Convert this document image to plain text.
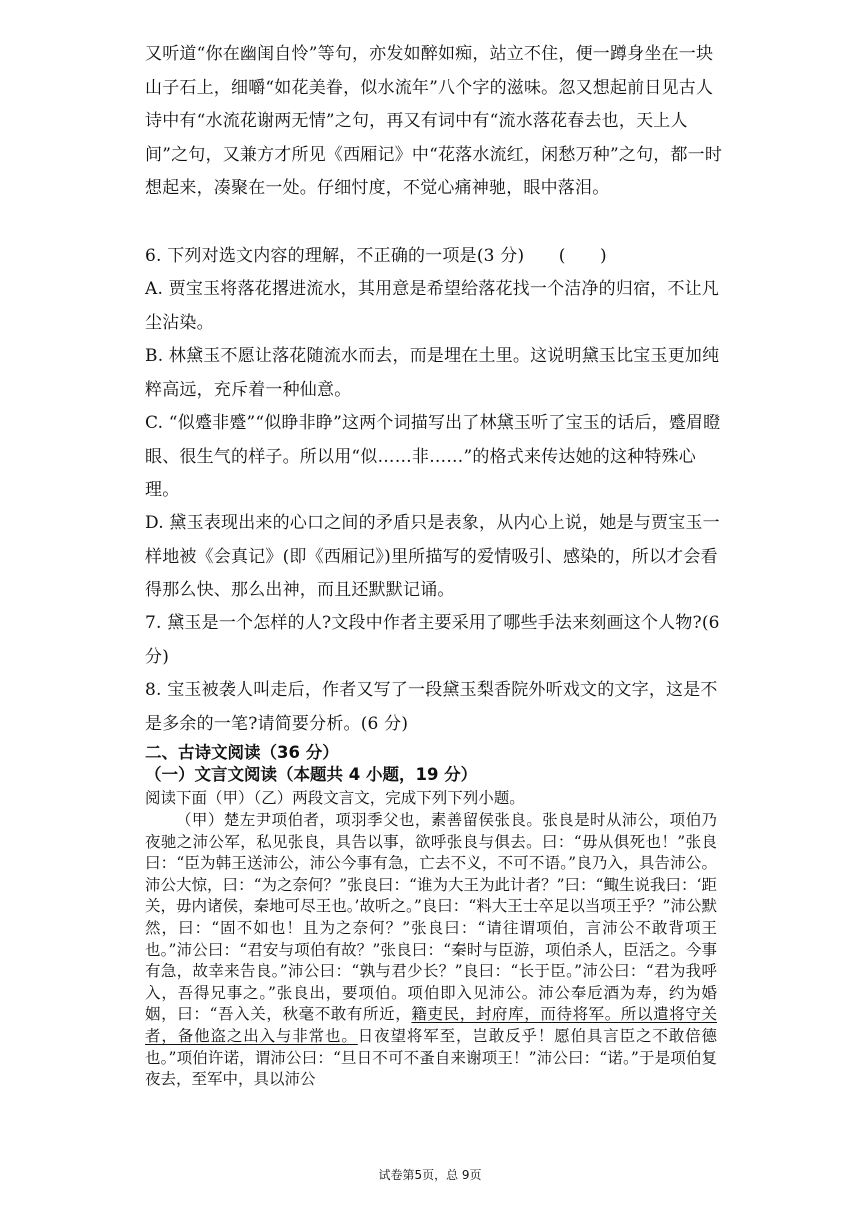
又听道“你在幽闺自怜”等句，亦发如醉如痴，站立不住，便一蹲身坐在一块山子石上，细嚼“如花美眷，似水流年”八个字的滋味。忽又想起前日见古人诗中有“水流花谢两无情”之句，再又有词中有“流水落花春去也，天上人间”之句，又兼方才所见《西厢记》中“花落水流红，闲愁万种”之句，都一时想起来，凑聚在一处。仔细忖度，不觉心痛神驰，眼中落泪。

6. 下列对选文内容的理解，不正确的一项是(3 分)　　(　　)

A. 贾宝玉将落花撂进流水，其用意是希望给落花找一个洁净的归宿，不让凡尘沾染。

B. 林黛玉不愿让落花随流水而去，而是埋在土里。这说明黛玉比宝玉更加纯粹高远，充斥着一种仙意。

C. “似蹙非蹙”“似睁非睁”这两个词描写出了林黛玉听了宝玉的话后，蹙眉瞪眼、很生气的样子。所以用“似……非……”的格式来传达她的这种特殊心理。

D. 黛玉表现出来的心口之间的矛盾只是表象，从内心上说，她是与贾宝玉一样地被《会真记》(即《西厢记》)里所描写的爱情吸引、感染的，所以才会看得那么快、那么出神，而且还默默记诵。

7. 黛玉是一个怎样的人?文段中作者主要采用了哪些手法来刻画这个人物?(6 分)

8. 宝玉被袭人叫走后，作者又写了一段黛玉梨香院外听戏文的文字，这是不是多余的一笔?请简要分析。(6 分)

二、古诗文阅读（36 分）

（一）文言文阅读（本题共 4 小题，19 分）

阅读下面（甲）（乙）两段文言文，完成下列下列小题。

（甲）楚左尹项伯者，项羽季父也，素善留侯张良。张良是时从沛公，项伯乃夜驰之沛公军，私见张良，具告以事，欲呼张良与俱去。曰：“毋从俱死也！”张良曰：“臣为韩王送沛公，沛公今事有急，亡去不义，不可不语。”良乃入，具告沛公。沛公大惊，曰：“为之奈何？”张良曰：“谁为大王为此计者？”曰：“鲰生说我曰：‘距关，毋内诸侯，秦地可尽王也。’故听之。”良曰：“料大王士卒足以当项王乎？”沛公默然，曰：“固不如也！且为之奈何？”张良曰：“请往谓项伯，言沛公不敢背项王也。”沛公曰：“君安与项伯有故？”张良曰：“秦时与臣游，项伯杀人，臣活之。今事有急，故幸来告良。”沛公曰：“孰与君少长？”良曰：“长于臣。”沛公曰：“君为我呼入，吾得兄事之。”张良出，要项伯。项伯即入见沛公。沛公奉卮酒为寿，约为婚姻，曰：“吾入关，秋毫不敢有所近，籍吏民，封府库，而待将军。所以遣将守关者，备他盗之出入与非常也。日夜望将军至，岂敢反乎！愿伯具言臣之不敢倍德也。”项伯许诺，谓沛公曰：“旦日不可不蚤自来谢项王！”沛公曰：“诺。”于是项伯复夜去，至军中，具以沛公

试卷第5页，总 9页
